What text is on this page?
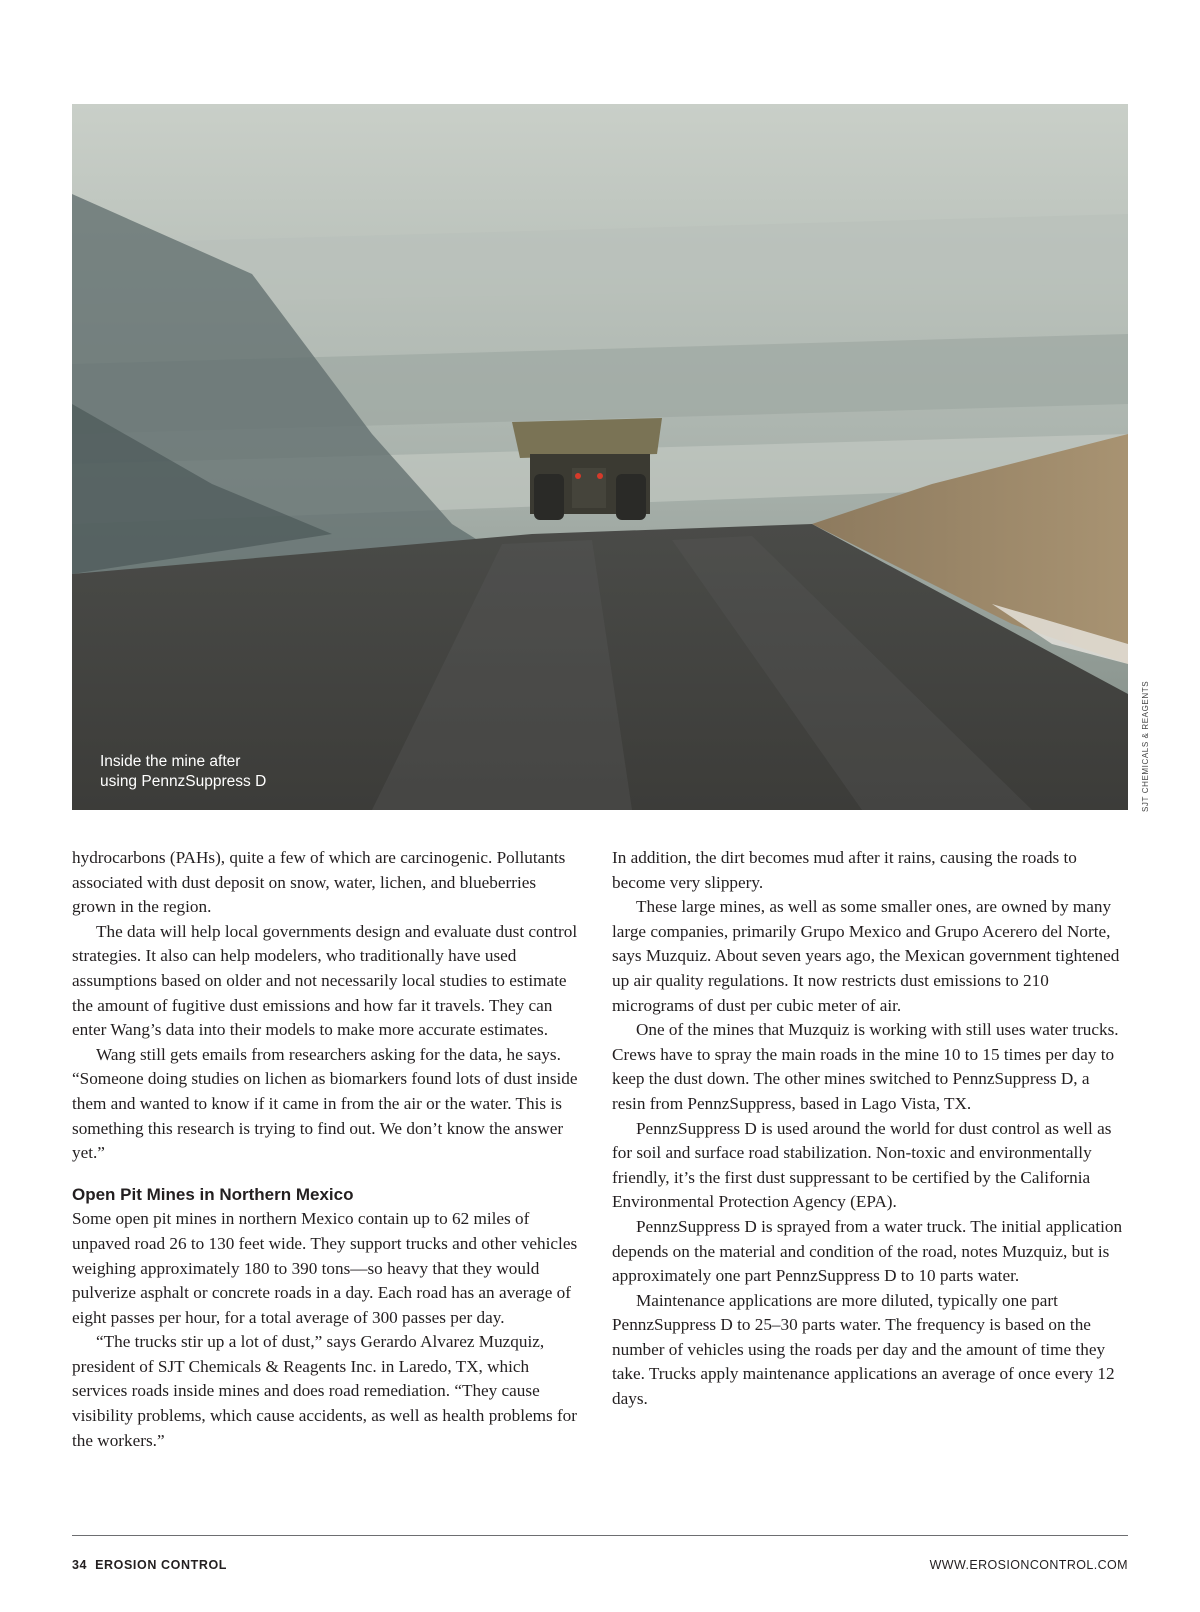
Inside the mine after
using PennzSuppress D	SJT CHEMICALS & REAGENTS

hydrocarbons (PAHs), quite a few of which are carcinogenic. Pollutants associated with dust deposit on snow, water, lichen, and blueberries grown in the region.

The data will help local governments design and evaluate dust control strategies. It also can help modelers, who traditionally have used assumptions based on older and not necessarily local studies to estimate the amount of fugitive dust emissions and how far it travels. They can enter Wang’s data into their models to make more accurate estimates.

Wang still gets emails from researchers asking for the data, he says. “Someone doing studies on lichen as biomarkers found lots of dust inside them and wanted to know if it came in from the air or the water. This is something this research is trying to find out. We don’t know the answer yet.”

Open Pit Mines in Northern Mexico

Some open pit mines in northern Mexico contain up to 62 miles of unpaved road 26 to 130 feet wide. They support trucks and other vehicles weighing approximately 180 to 390 tons—so heavy that they would pulverize asphalt or concrete roads in a day. Each road has an average of eight passes per hour, for a total average of 300 passes per day.

“The trucks stir up a lot of dust,” says Gerardo Alvarez Muzquiz, president of SJT Chemicals & Reagents Inc. in Laredo, TX, which services roads inside mines and does road remediation. “They cause visibility problems, which cause accidents, as well as health problems for the workers.”

In addition, the dirt becomes mud after it rains, causing the roads to become very slippery.

These large mines, as well as some smaller ones, are owned by many large companies, primarily Grupo Mexico and Grupo Acerero del Norte, says Muzquiz. About seven years ago, the Mexican government tightened up air quality regulations. It now restricts dust emissions to 210 micrograms of dust per cubic meter of air.

One of the mines that Muzquiz is working with still uses water trucks. Crews have to spray the main roads in the mine 10 to 15 times per day to keep the dust down. The other mines switched to PennzSuppress D, a resin from PennzSuppress, based in Lago Vista, TX.

PennzSuppress D is used around the world for dust control as well as for soil and surface road stabilization. Non-toxic and environmentally friendly, it’s the first dust suppressant to be certified by the California Environmental Protection Agency (EPA).

PennzSuppress D is sprayed from a water truck. The initial application depends on the material and condition of the road, notes Muzquiz, but is approximately one part PennzSuppress D to 10 parts water.

Maintenance applications are more diluted, typically one part PennzSuppress D to 25–30 parts water. The frequency is based on the number of vehicles using the roads per day and the amount of time they take. Trucks apply maintenance applications an average of once every 12 days.

34 EROSION CONTROL	WWW.EROSIONCONTROL.COM
